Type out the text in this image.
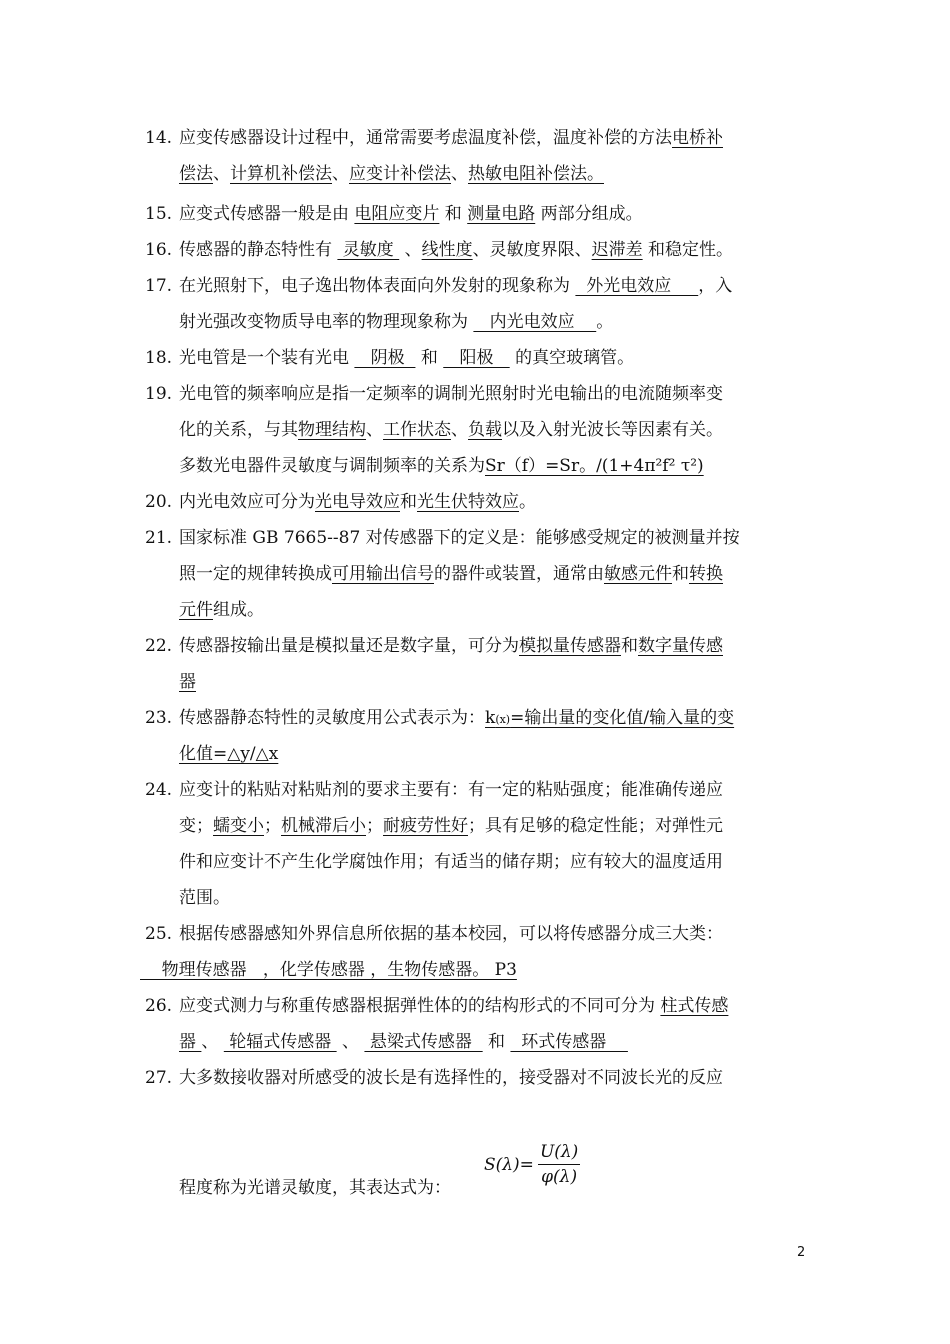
14. 应变传感器设计过程中，通常需要考虑温度补偿，温度补偿的方法电桥补
偿法、计算机补偿法、应变计补偿法、热敏电阻补偿法。
15. 应变式传感器一般是由 电阻应变片 和 测量电路 两部分组成。
16. 传感器的静态特性有  灵敏度  、线性度、灵敏度界限、迟滞差 和稳定性。
17. 在光照射下，电子逸出物体表面向外发射的现象称为   外光电效应     ，入
射光强改变物质导电率的物理现象称为    内光电效应    。
18. 光电管是一个装有光电    阴极   和    阳极    的真空玻璃管。
19. 光电管的频率响应是指一定频率的调制光照射时光电输出的电流随频率变
化的关系，与其物理结构、工作状态、负载以及入射光波长等因素有关。
多数光电器件灵敏度与调制频率的关系为Sr（f）=Sr。/(1+4π²f² τ²)
20. 内光电效应可分为光电导效应和光生伏特效应。
21. 国家标准 GB 7665--87 对传感器下的定义是：能够感受规定的被测量并按
照一定的规律转换成可用输出信号的器件或装置，通常由敏感元件和转换
元件组成。
22. 传感器按输出量是模拟量还是数字量，可分为模拟量传感器和数字量传感
器
23. 传感器静态特性的灵敏度用公式表示为：k(x)=输出量的变化值/输入量的变
化值=△y/△x
24. 应变计的粘贴对粘贴剂的要求主要有：有一定的粘贴强度；能准确传递应
变；蠕变小；机械滞后小；耐疲劳性好；具有足够的稳定性能；对弹性元
件和应变计不产生化学腐蚀作用；有适当的储存期；应有较大的温度适用
范围。
25. 根据传感器感知外界信息所依据的基本校园，可以将传感器分成三大类：
物理传感器   ，化学传感器 ，生物传感器。 P3
26. 应变式测力与称重传感器根据弹性体的的结构形式的不同可分为 柱式传感
器 、  轮辐式传感器  、  悬梁式传感器   和   环式传感器
27. 大多数接收器对所感受的波长是有选择性的，接受器对不同波长光的反应
程度称为光谱灵敏度，其表达式为：
$S(\lambda)= \frac{U(\lambda)}{\varphi(\lambda)}$
2
